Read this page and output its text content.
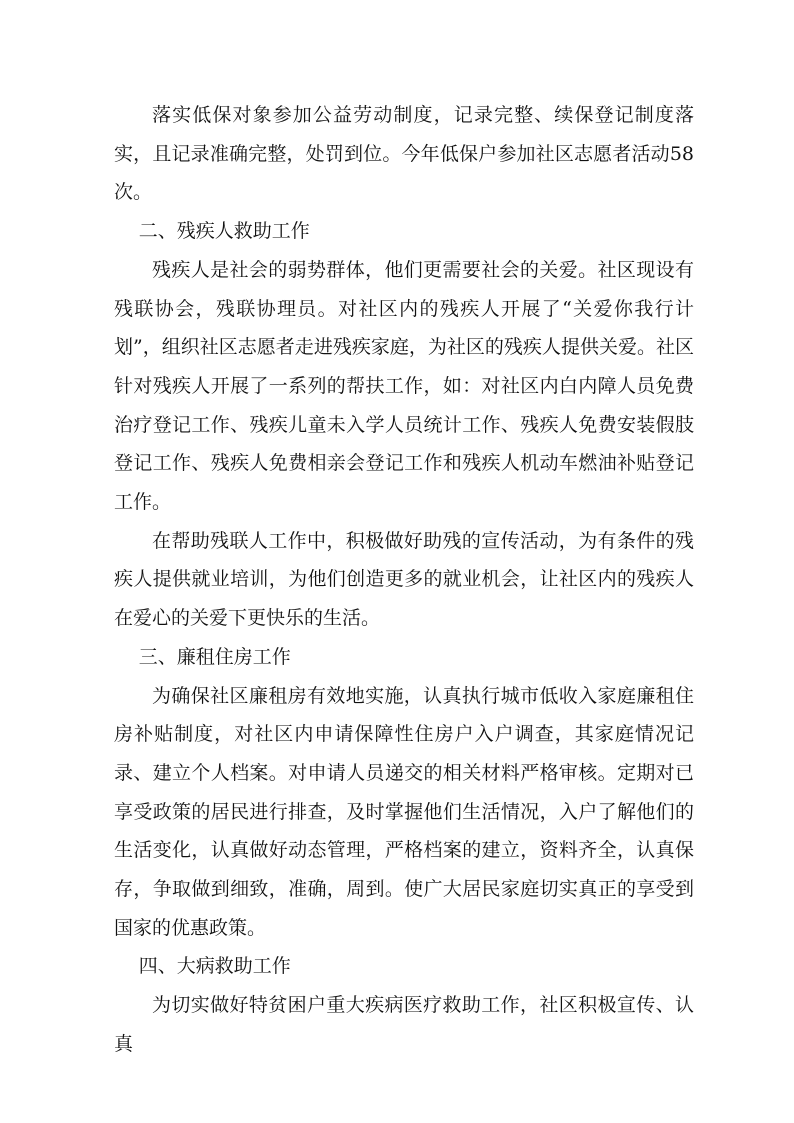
落实低保对象参加公益劳动制度，记录完整、续保登记制度落实，且记录准确完整，处罚到位。今年低保户参加社区志愿者活动58次。

二、残疾人救助工作

残疾人是社会的弱势群体，他们更需要社会的关爱。社区现设有残联协会，残联协理员。对社区内的残疾人开展了“关爱你我行计划”，组织社区志愿者走进残疾家庭，为社区的残疾人提供关爱。社区针对残疾人开展了一系列的帮扶工作，如：对社区内白内障人员免费治疗登记工作、残疾儿童未入学人员统计工作、残疾人免费安装假肢登记工作、残疾人免费相亲会登记工作和残疾人机动车燃油补贴登记工作。

在帮助残联人工作中，积极做好助残的宣传活动，为有条件的残疾人提供就业培训，为他们创造更多的就业机会，让社区内的残疾人在爱心的关爱下更快乐的生活。

三、廉租住房工作

为确保社区廉租房有效地实施，认真执行城市低收入家庭廉租住房补贴制度，对社区内申请保障性住房户入户调查，其家庭情况记录、建立个人档案。对申请人员递交的相关材料严格审核。定期对已享受政策的居民进行排查，及时掌握他们生活情况，入户了解他们的生活变化，认真做好动态管理，严格档案的建立，资料齐全，认真保存，争取做到细致，准确，周到。使广大居民家庭切实真正的享受到国家的优惠政策。

四、大病救助工作

为切实做好特贫困户重大疾病医疗救助工作，社区积极宣传、认真
